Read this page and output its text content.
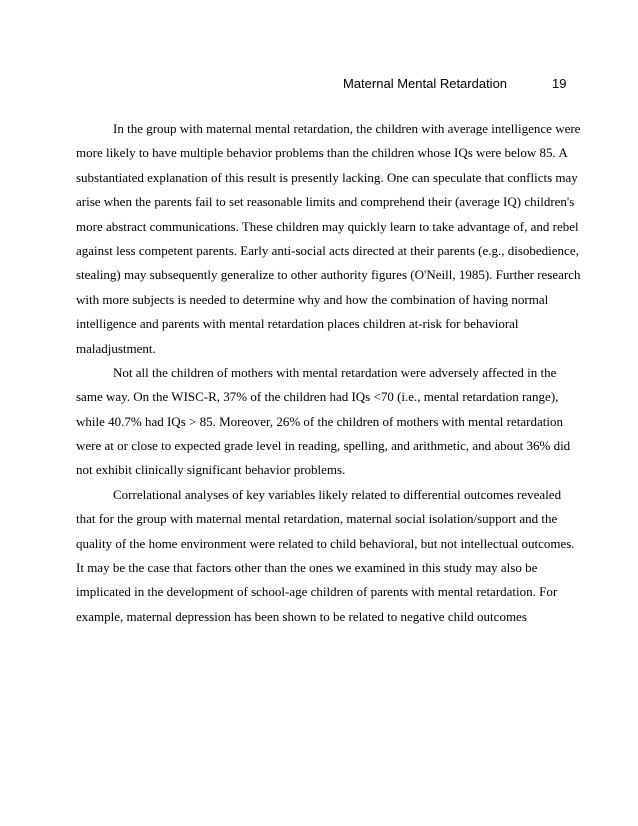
Maternal Mental Retardation	19
In the group with maternal mental retardation, the children with average intelligence were
more likely to have multiple behavior problems than the children whose IQs were below 85. A
substantiated explanation of this result is presently lacking. One can speculate that conflicts may
arise when the parents fail to set reasonable limits and comprehend their (average IQ) children's
more abstract communications. These children may quickly learn to take advantage of, and rebel
against less competent parents. Early anti-social acts directed at their parents (e.g., disobedience,
stealing) may subsequently generalize to other authority figures (O'Neill, 1985). Further research
with more subjects is needed to determine why and how the combination of having normal
intelligence and parents with mental retardation places children at-risk for behavioral
maladjustment.
Not all the children of mothers with mental retardation were adversely affected in the
same way. On the WISC-R, 37% of the children had IQs <70 (i.e., mental retardation range),
while 40.7% had IQs > 85. Moreover, 26% of the children of mothers with mental retardation
were at or close to expected grade level in reading, spelling, and arithmetic, and about 36% did
not exhibit clinically significant behavior problems.
Correlational analyses of key variables likely related to differential outcomes revealed
that for the group with maternal mental retardation, maternal social isolation/support and the
quality of the home environment were related to child behavioral, but not intellectual outcomes.
It may be the case that factors other than the ones we examined in this study may also be
implicated in the development of school-age children of parents with mental retardation. For
example, maternal depression has been shown to be related to negative child outcomes
